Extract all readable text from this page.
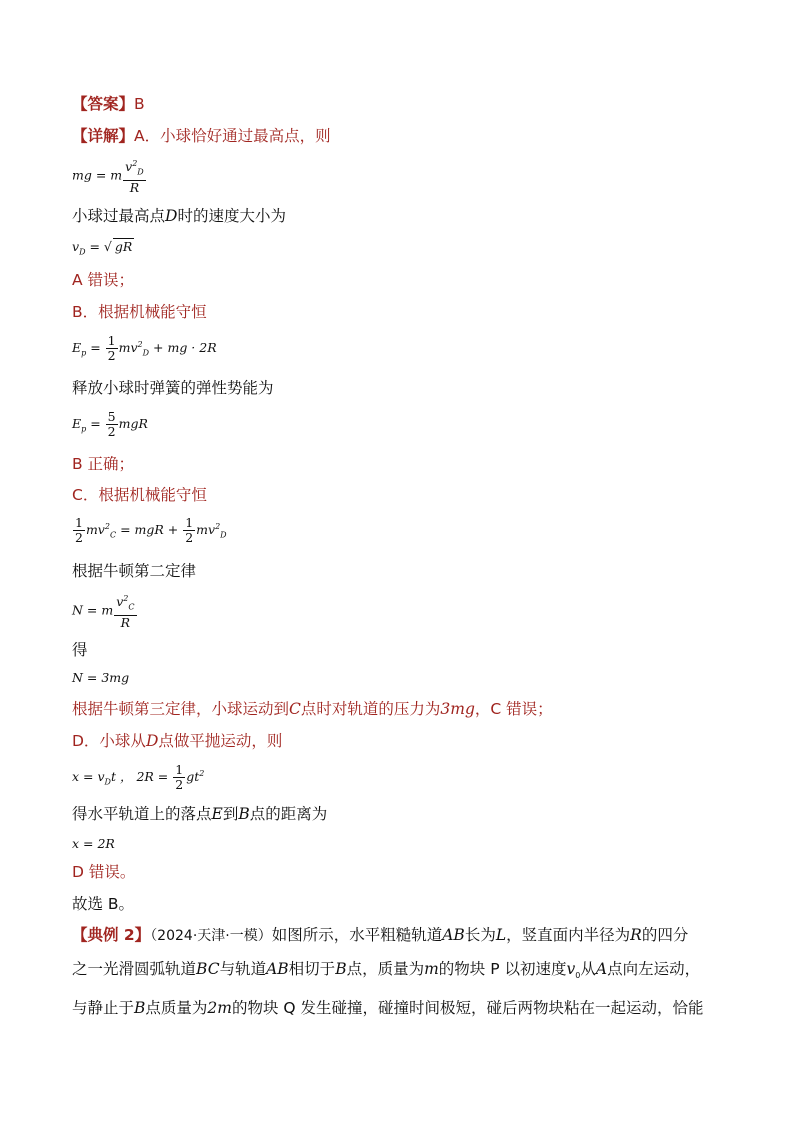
【答案】B
【详解】A．小球恰好通过最高点，则
mg = m $\frac{v^2_D}{R}$
小球过最高点D时的速度大小为
$v_D$ = √ gR
A 错误；
B．根据机械能守恒
$E_p = \frac{1}{2} mv^2_D$ + mg · 2R
释放小球时弹簧的弹性势能为
$E_p = \frac{5}{2}$ mgR
B 正确；
C．根据机械能守恒
$\frac{1}{2} mv^2_C$ = mgR + $\frac{1}{2} mv^2_D$
根据牛顿第二定律
N = m $\frac{v^2_C}{R}$
得
N = 3mg
根据牛顿第三定律，小球运动到C点时对轨道的压力为3mg，C 错误；
D．小球从D点做平抛运动，则
$x = v_Dt$ ， $2R = \frac{1}{2} gt^2$
得水平轨道上的落点E到B点的距离为
x = 2R
D 错误。
故选 B。
【典例 2】（2024·天津·一模）如图所示，水平粗糙轨道AB长为L，竖直面内半径为R的四分
之一光滑圆弧轨道BC与轨道AB相切于B点，质量为m的物块 P 以初速度$v_0$从A点向左运动，
与静止于B点质量为2m的物块 Q 发生碰撞，碰撞时间极短，碰后两物块粘在一起运动，恰能
